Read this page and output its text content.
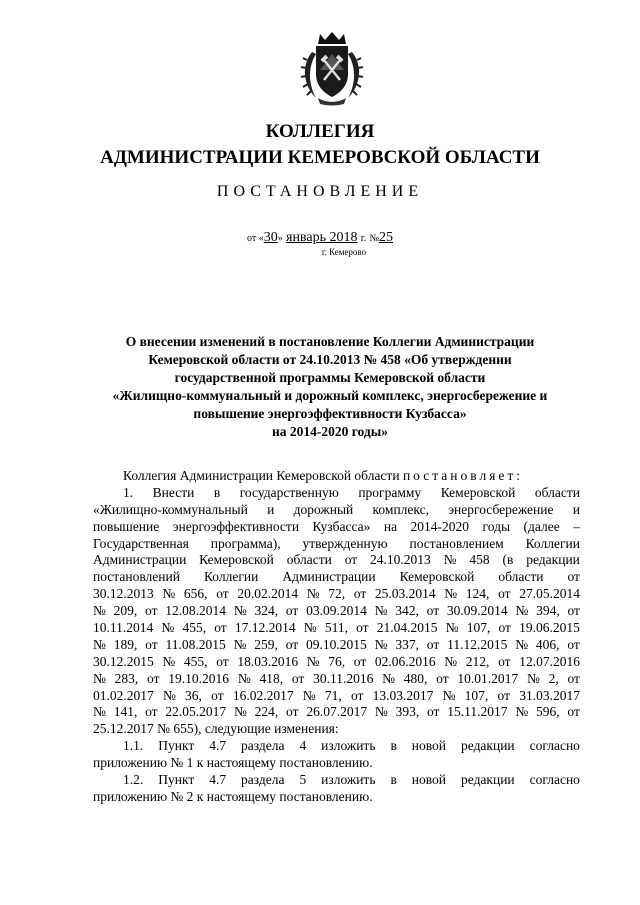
КОЛЛЕГИЯ
АДМИНИСТРАЦИИ КЕМЕРОВСКОЙ ОБЛАСТИ
ПОСТАНОВЛЕНИЕ
от «30» январь 2018 г. №25
г. Кемерово
О внесении изменений в постановление Коллегии Администрации
Кемеровской области от 24.10.2013 № 458 «Об утверждении
государственной программы Кемеровской области
«Жилищно-коммунальный и дорожный комплекс, энергосбережение и
повышение энергоэффективности Кузбасса»
на 2014-2020 годы»
Коллегия Администрации Кемеровской области
постановляет:
1. Внести в государственную программу Кемеровской области
«Жилищно-коммунальный и дорожный комплекс, энергосбережение и
повышение энергоэффективности Кузбасса» на 2014-2020 годы (далее –
Государственная программа), утвержденную постановлением Коллегии
Администрации Кемеровской области от 24.10.2013 № 458 (в редакции
постановлений Коллегии Администрации Кемеровской области от
30.12.2013 № 656, от 20.02.2014 № 72, от 25.03.2014 № 124, от 27.05.2014
№ 209, от 12.08.2014 № 324, от 03.09.2014 № 342, от 30.09.2014 № 394, от
10.11.2014 № 455, от 17.12.2014 № 511, от 21.04.2015 № 107, от 19.06.2015
№ 189, от 11.08.2015 № 259, от 09.10.2015 № 337, от 11.12.2015 № 406, от
30.12.2015 № 455, от 18.03.2016 № 76, от 02.06.2016 № 212, от 12.07.2016
№ 283, от 19.10.2016 № 418, от 30.11.2016 № 480, от 10.01.2017 № 2, от
01.02.2017 № 36, от 16.02.2017 № 71, от 13.03.2017 № 107, от 31.03.2017
№ 141, от 22.05.2017 № 224, от 26.07.2017 № 393, от 15.11.2017 № 596, от
25.12.2017 № 655), следующие изменения:
1.1. Пункт 4.7 раздела 4 изложить в новой редакции согласно
приложению № 1 к настоящему постановлению.
1.2. Пункт 4.7 раздела 5 изложить в новой редакции согласно
приложению № 2 к настоящему постановлению.
